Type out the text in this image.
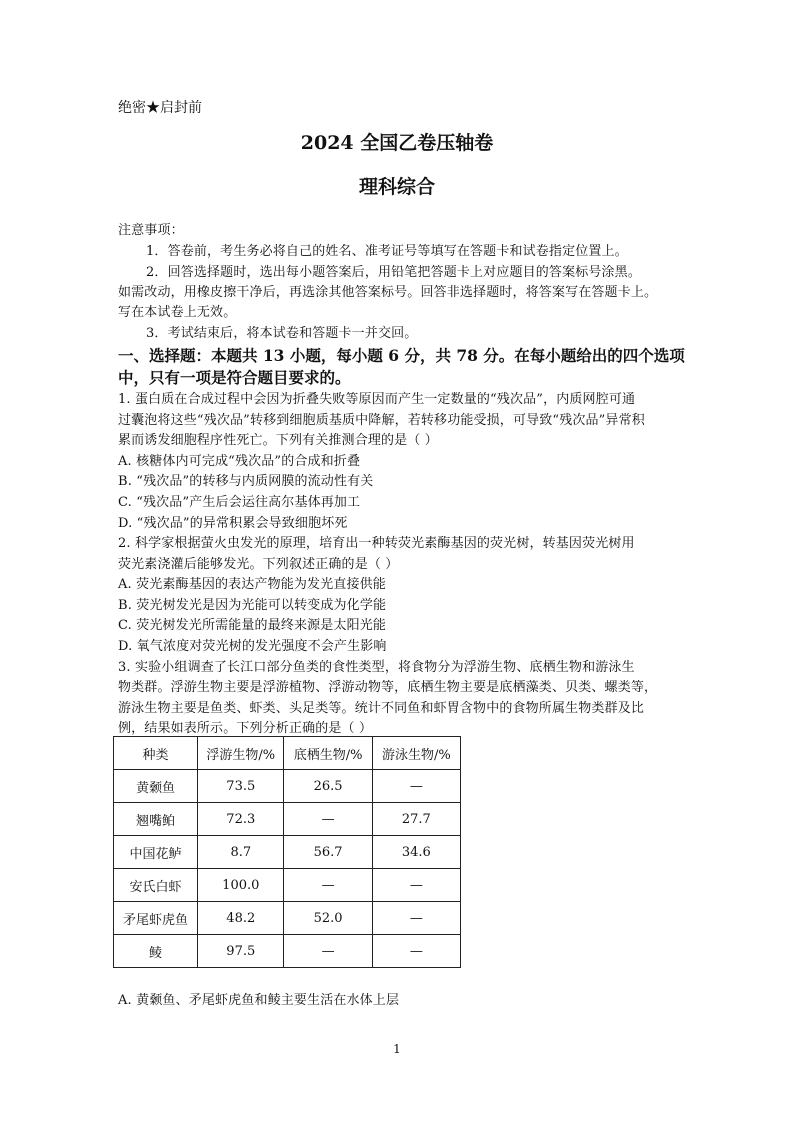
绝密★启封前
2024 全国乙卷压轴卷
理科综合
注意事项：
1．答卷前，考生务必将自己的姓名、准考证号等填写在答题卡和试卷指定位置上。
2．回答选择题时，选出每小题答案后，用铅笔把答题卡上对应题目的答案标号涂黑。
如需改动，用橡皮擦干净后，再选涂其他答案标号。回答非选择题时，将答案写在答题卡上。
写在本试卷上无效。
3．考试结束后，将本试卷和答题卡一并交回。
一、选择题：本题共 13 小题，每小题 6 分，共 78 分。在每小题给出的四个选项
中，只有一项是符合题目要求的。
1. 蛋白质在合成过程中会因为折叠失败等原因而产生一定数量的“残次品”，内质网腔可通
过囊泡将这些“残次品”转移到细胞质基质中降解，若转移功能受损，可导致“残次品”异常积
累而诱发细胞程序性死亡。下列有关推测合理的是（ ）
A. 核糖体内可完成“残次品”的合成和折叠
B. “残次品”的转移与内质网膜的流动性有关
C. “残次品”产生后会运往高尔基体再加工
D. “残次品”的异常积累会导致细胞坏死
2. 科学家根据萤火虫发光的原理，培育出一种转荧光素酶基因的荧光树，转基因荧光树用
荧光素浇灌后能够发光。下列叙述正确的是（ ）
A. 荧光素酶基因的表达产物能为发光直接供能
B. 荧光树发光是因为光能可以转变成为化学能
C. 荧光树发光所需能量的最终来源是太阳光能
D. 氧气浓度对荧光树的发光强度不会产生影响
3. 实验小组调查了长江口部分鱼类的食性类型，将食物分为浮游生物、底栖生物和游泳生
物类群。浮游生物主要是浮游植物、浮游动物等，底栖生物主要是底栖藻类、贝类、螺类等，
游泳生物主要是鱼类、虾类、头足类等。统计不同鱼和虾胃含物中的食物所属生物类群及比
例，结果如表所示。下列分析正确的是（ ）
种类	浮游生物/%	底栖生物/%	游泳生物/%
黄颡鱼	73.5	26.5	—
翘嘴鲌	72.3	—	27.7
中国花鲈	8.7	56.7	34.6
安氏白虾	100.0	—	—
矛尾虾虎鱼	48.2	52.0	—
鲮	97.5	—	—
A. 黄颡鱼、矛尾虾虎鱼和鲮主要生活在水体上层
1
